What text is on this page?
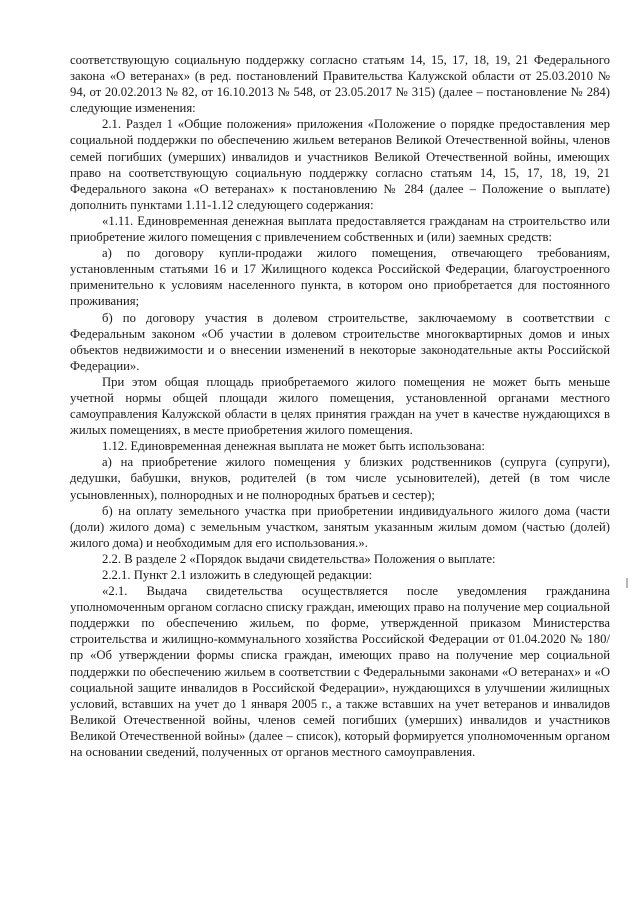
соответствующую социальную поддержку согласно статьям 14, 15, 17, 18, 19, 21 Федерального закона «О ветеранах» (в ред. постановлений Правительства Калужской области от 25.03.2010 № 94, от 20.02.2013 № 82, от 16.10.2013 № 548, от 23.05.2017 № 315) (далее – постановление № 284) следующие изменения:

2.1. Раздел 1 «Общие положения» приложения «Положение о порядке предоставления мер социальной поддержки по обеспечению жильем ветеранов Великой Отечественной войны, членов семей погибших (умерших) инвалидов и участников Великой Отечественной войны, имеющих право на соответствующую социальную поддержку согласно статьям 14, 15, 17, 18, 19, 21 Федерального закона «О ветеранах» к постановлению № 284 (далее – Положение о выплате) дополнить пунктами 1.11-1.12 следующего содержания:

«1.11. Единовременная денежная выплата предоставляется гражданам на строительство или приобретение жилого помещения с привлечением собственных и (или) заемных средств:

а) по договору купли-продажи жилого помещения, отвечающего требованиям, установленным статьями 16 и 17 Жилищного кодекса Российской Федерации, благоустроенного применительно к условиям населенного пункта, в котором оно приобретается для постоянного проживания;

б) по договору участия в долевом строительстве, заключаемому в соответствии с Федеральным законом «Об участии в долевом строительстве многоквартирных домов и иных объектов недвижимости и о внесении изменений в некоторые законодательные акты Российской Федерации».

При этом общая площадь приобретаемого жилого помещения не может быть меньше учетной нормы общей площади жилого помещения, установленной органами местного самоуправления Калужской области в целях принятия граждан на учет в качестве нуждающихся в жилых помещениях, в месте приобретения жилого помещения.

1.12. Единовременная денежная выплата не может быть использована:

а) на приобретение жилого помещения у близких родственников (супруга (супруги), дедушки, бабушки, внуков, родителей (в том числе усыновителей), детей (в том числе усыновленных), полнородных и не полнородных братьев и сестер);

б) на оплату земельного участка при приобретении индивидуального жилого дома (части (доли) жилого дома) с земельным участком, занятым указанным жилым домом (частью (долей) жилого дома) и необходимым для его использования.».

2.2. В разделе 2 «Порядок выдачи свидетельства» Положения о выплате:

2.2.1. Пункт 2.1 изложить в следующей редакции:

«2.1. Выдача свидетельства осуществляется после уведомления гражданина уполномоченным органом согласно списку граждан, имеющих право на получение мер социальной поддержки по обеспечению жильем, по форме, утвержденной приказом Министерства строительства и жилищно-коммунального хозяйства Российской Федерации от 01.04.2020 № 180/пр «Об утверждении формы списка граждан, имеющих право на получение мер социальной поддержки по обеспечению жильем в соответствии с Федеральными законами «О ветеранах» и «О социальной защите инвалидов в Российской Федерации», нуждающихся в улучшении жилищных условий, вставших на учет до 1 января 2005 г., а также вставших на учет ветеранов и инвалидов Великой Отечественной войны, членов семей погибших (умерших) инвалидов и участников Великой Отечественной войны» (далее – список), который формируется уполномоченным органом на основании сведений, полученных от органов местного самоуправления.
